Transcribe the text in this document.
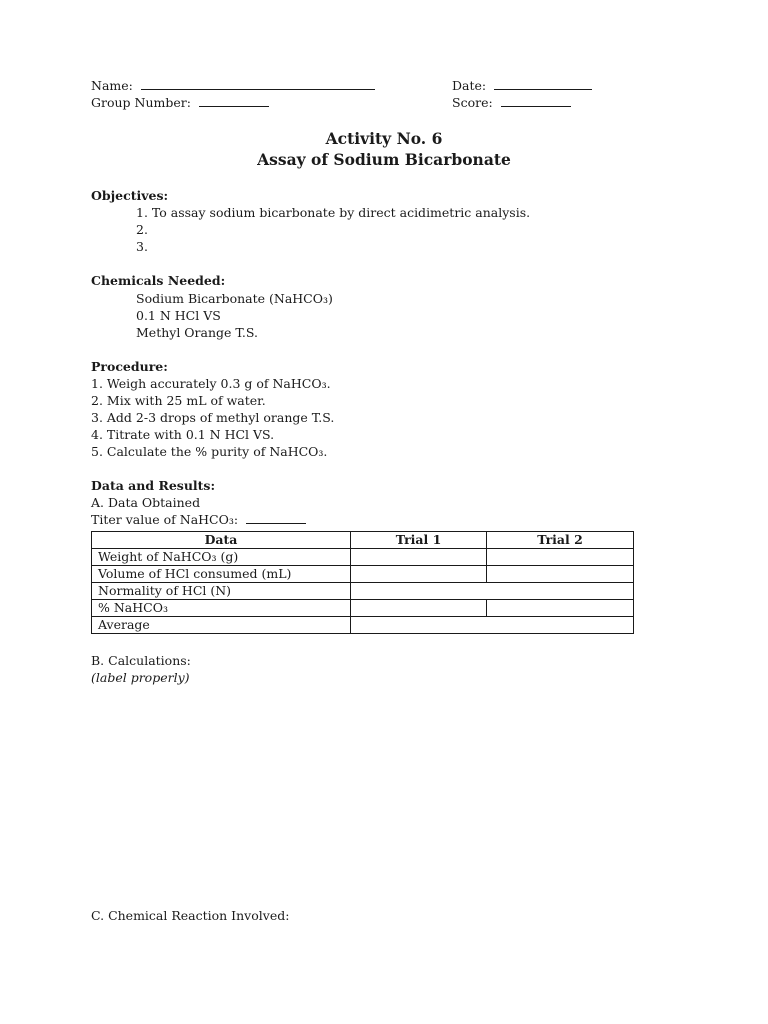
Name:	Date:
Group Number:	Score:
Activity No. 6
Assay of Sodium Bicarbonate
Objectives:
1. To assay sodium bicarbonate by direct acidimetric analysis.
2.
3.
Chemicals Needed:
Sodium Bicarbonate (NaHCO₃)
0.1 N HCl VS
Methyl Orange T.S.
Procedure:
1. Weigh accurately 0.3 g of NaHCO₃.
2. Mix with 25 mL of water.
3. Add 2-3 drops of methyl orange T.S.
4. Titrate with 0.1 N HCl VS.
5. Calculate the % purity of NaHCO₃.
Data and Results:
A. Data Obtained
Titer value of NaHCO₃:
Data	Trial 1	Trial 2
Weight of NaHCO₃ (g)		
Volume of HCl consumed (mL)		
Normality of HCl (N)		
% NaHCO₃		
Average		
B. Calculations:
(label properly)
C. Chemical Reaction Involved:
